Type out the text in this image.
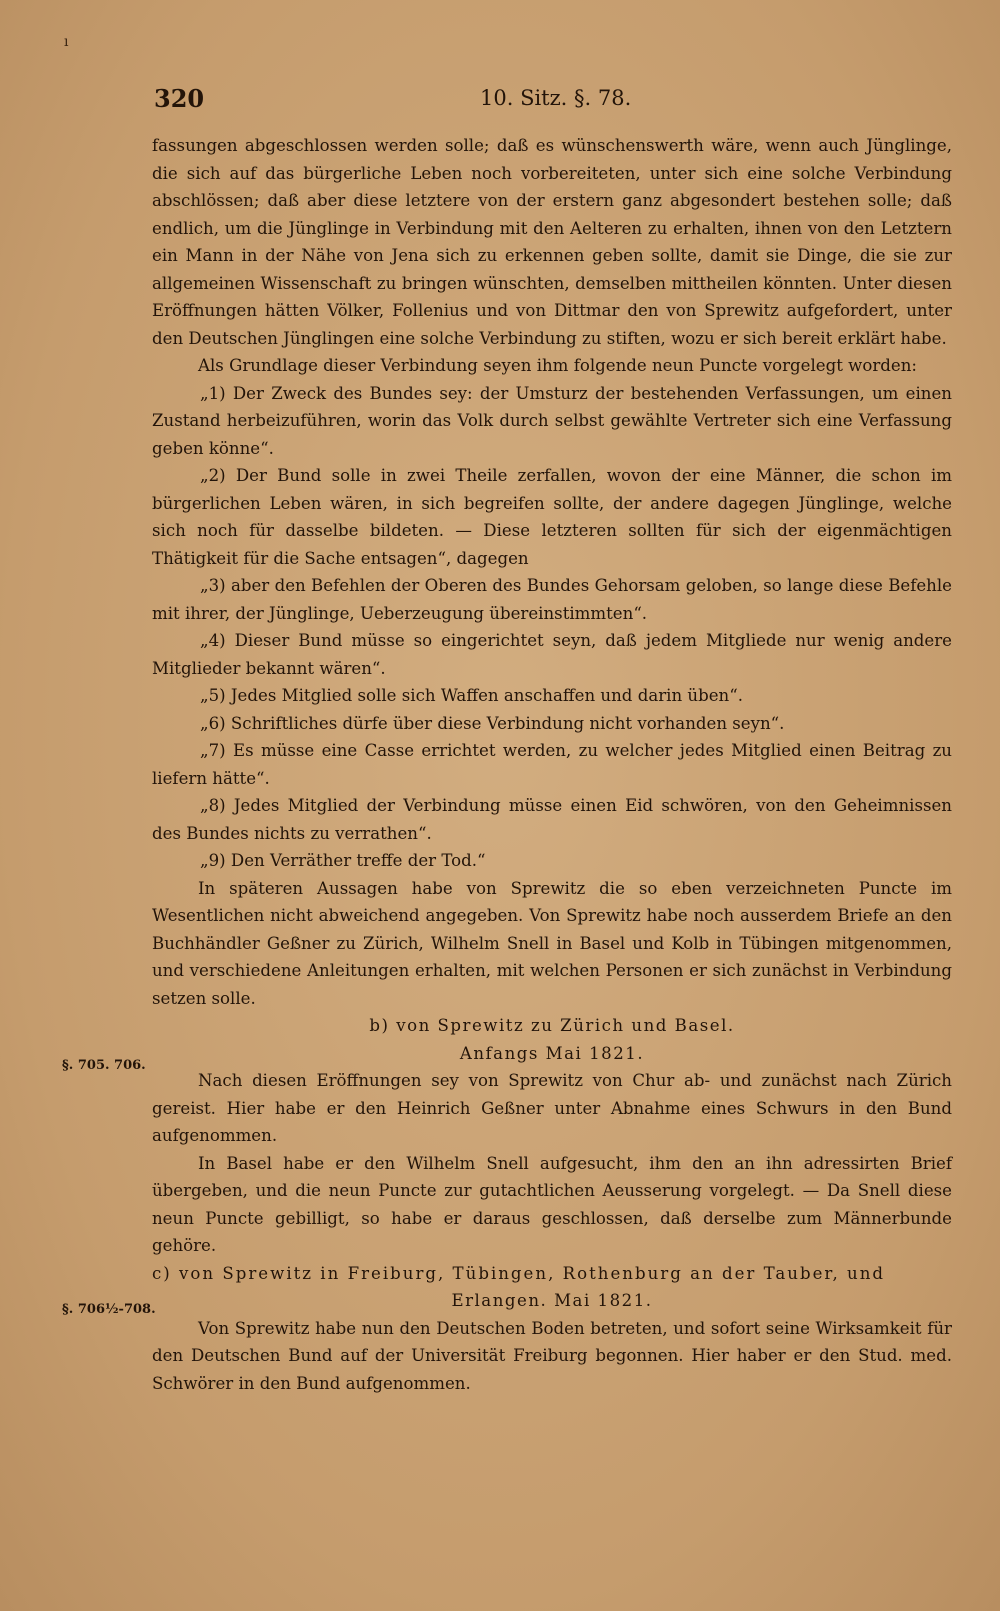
ı
320	10. Sitz. §. 78.
§. 705. 706.
§. 706½-708.

fassungen abgeschlossen werden solle; daß es wünschenswerth wäre, wenn auch Jünglinge, die sich auf das bürgerliche Leben noch vorbereiteten, unter sich eine solche Verbindung abschlössen; daß aber diese letztere von der erstern ganz abgesondert bestehen solle; daß endlich, um die Jünglinge in Verbindung mit den Aelteren zu erhalten, ihnen von den Letztern ein Mann in der Nähe von Jena sich zu erkennen geben sollte, damit sie Dinge, die sie zur allgemeinen Wissenschaft zu bringen wünschten, demselben mittheilen könnten. Unter diesen Eröffnungen hätten Völker, Follenius und von Dittmar den von Sprewitz aufgefordert, unter den Deutschen Jünglingen eine solche Verbindung zu stiften, wozu er sich bereit erklärt habe.

Als Grundlage dieser Verbindung seyen ihm folgende neun Puncte vorgelegt worden:

„1) Der Zweck des Bundes sey: der Umsturz der bestehenden Verfassungen, um einen Zustand herbeizuführen, worin das Volk durch selbst gewählte Vertreter sich eine Verfassung geben könne“.

„2) Der Bund solle in zwei Theile zerfallen, wovon der eine Männer, die schon im bürgerlichen Leben wären, in sich begreifen sollte, der andere dagegen Jünglinge, welche sich noch für dasselbe bildeten. — Diese letzteren sollten für sich der eigenmächtigen Thätigkeit für die Sache entsagen“, dagegen

„3) aber den Befehlen der Oberen des Bundes Gehorsam geloben, so lange diese Befehle mit ihrer, der Jünglinge, Ueberzeugung übereinstimmten“.

„4) Dieser Bund müsse so eingerichtet seyn, daß jedem Mitgliede nur wenig andere Mitglieder bekannt wären“.

„5) Jedes Mitglied solle sich Waffen anschaffen und darin üben“.

„6) Schriftliches dürfe über diese Verbindung nicht vorhanden seyn“.

„7) Es müsse eine Casse errichtet werden, zu welcher jedes Mitglied einen Beitrag zu liefern hätte“.

„8) Jedes Mitglied der Verbindung müsse einen Eid schwören, von den Geheimnissen des Bundes nichts zu verrathen“.

„9) Den Verräther treffe der Tod.“

In späteren Aussagen habe von Sprewitz die so eben verzeichneten Puncte im Wesentlichen nicht abweichend angegeben. Von Sprewitz habe noch ausserdem Briefe an den Buchhändler Geßner zu Zürich, Wilhelm Snell in Basel und Kolb in Tübingen mitgenommen, und verschiedene Anleitungen erhalten, mit welchen Personen er sich zunächst in Verbindung setzen solle.

b) von Sprewitz zu Zürich und Basel.

Anfangs Mai 1821.

Nach diesen Eröffnungen sey von Sprewitz von Chur ab- und zunächst nach Zürich gereist. Hier habe er den Heinrich Geßner unter Abnahme eines Schwurs in den Bund aufgenommen.

In Basel habe er den Wilhelm Snell aufgesucht, ihm den an ihn adressirten Brief übergeben, und die neun Puncte zur gutachtlichen Aeusserung vorgelegt. — Da Snell diese neun Puncte gebilligt, so habe er daraus geschlossen, daß derselbe zum Männerbunde gehöre.

c) von Sprewitz in Freiburg, Tübingen, Rothenburg an der Tauber, und

Erlangen. Mai 1821.

Von Sprewitz habe nun den Deutschen Boden betreten, und sofort seine Wirksamkeit für den Deutschen Bund auf der Universität Freiburg begonnen. Hier haber er den Stud. med. Schwörer in den Bund aufgenommen.
